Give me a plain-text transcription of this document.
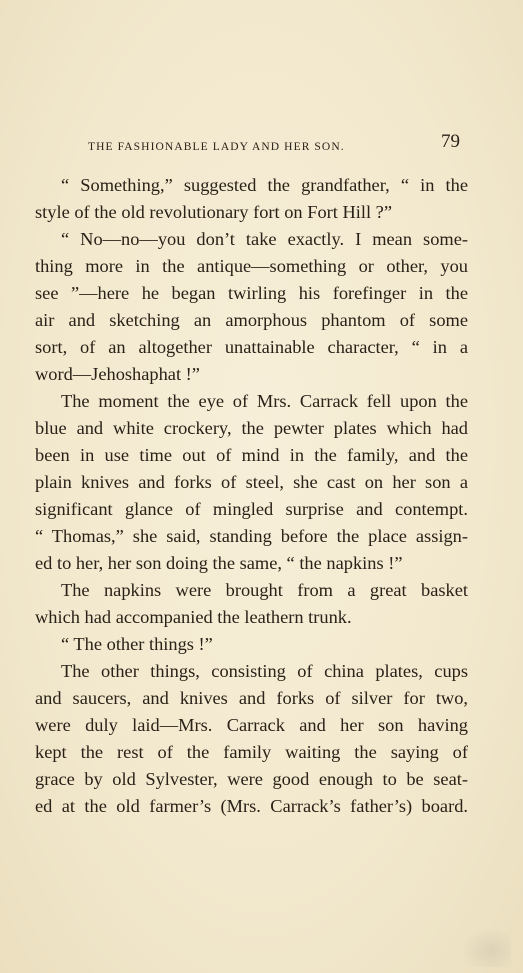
THE FASHIONABLE LADY AND HER SON.	79
“ Something,” suggested the grandfather, “ in the
style of the old revolutionary fort on Fort Hill ?”
“ No—no—you don’t take exactly. I mean some-
thing more in the antique—something or other, you
see ”—here he began twirling his forefinger in the
air and sketching an amorphous phantom of some
sort, of an altogether unattainable character, “ in a
word—Jehoshaphat !”
The moment the eye of Mrs. Carrack fell upon the
blue and white crockery, the pewter plates which had
been in use time out of mind in the family, and the
plain knives and forks of steel, she cast on her son a
significant glance of mingled surprise and contempt.
“ Thomas,” she said, standing before the place assign-
ed to her, her son doing the same, “ the napkins !”
The napkins were brought from a great basket
which had accompanied the leathern trunk.
“ The other things !”
The other things, consisting of china plates, cups
and saucers, and knives and forks of silver for two,
were duly laid—Mrs. Carrack and her son having
kept the rest of the family waiting the saying of
grace by old Sylvester, were good enough to be seat-
ed at the old farmer’s (Mrs. Carrack’s father’s) board.
